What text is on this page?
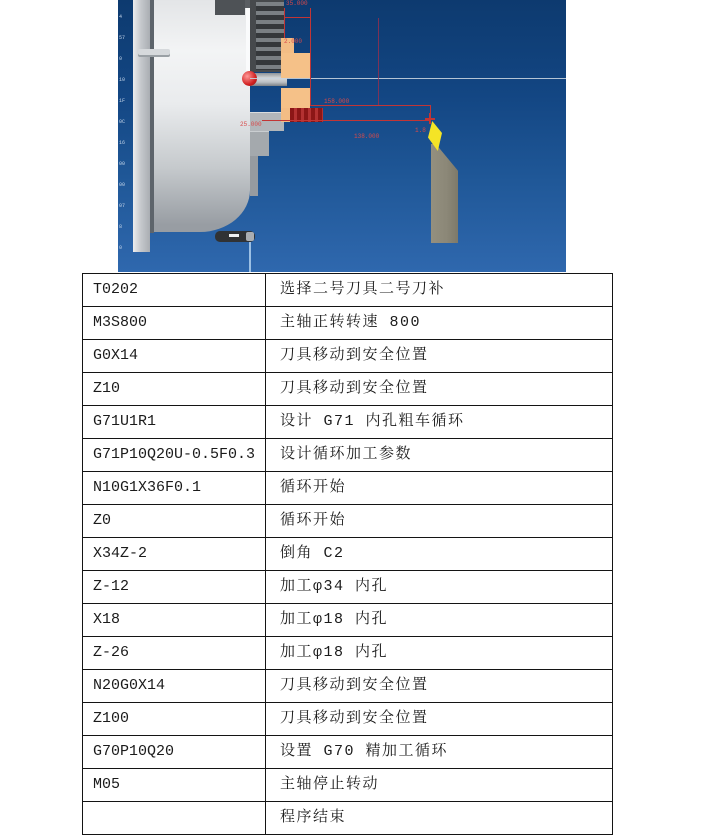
4

57

0

10

1F

0C

16

00

00

07

8

0

35.000
2.000
158.000
25.000
138.000
1.8
T0202	选择二号刀具二号刀补
M3S800	主轴正转转速 800
G0X14	刀具移动到安全位置
Z10	刀具移动到安全位置
G71U1R1	设计 G71 内孔粗车循环
G71P10Q20U-0.5F0.3	设计循环加工参数
N10G1X36F0.1	循环开始
Z0	循环开始
X34Z-2	倒角 C2
Z-12	加工φ34 内孔
X18	加工φ18 内孔
Z-26	加工φ18 内孔
N20G0X14	刀具移动到安全位置
Z100	刀具移动到安全位置
G70P10Q20	设置 G70 精加工循环
M05	主轴停止转动
	程序结束
